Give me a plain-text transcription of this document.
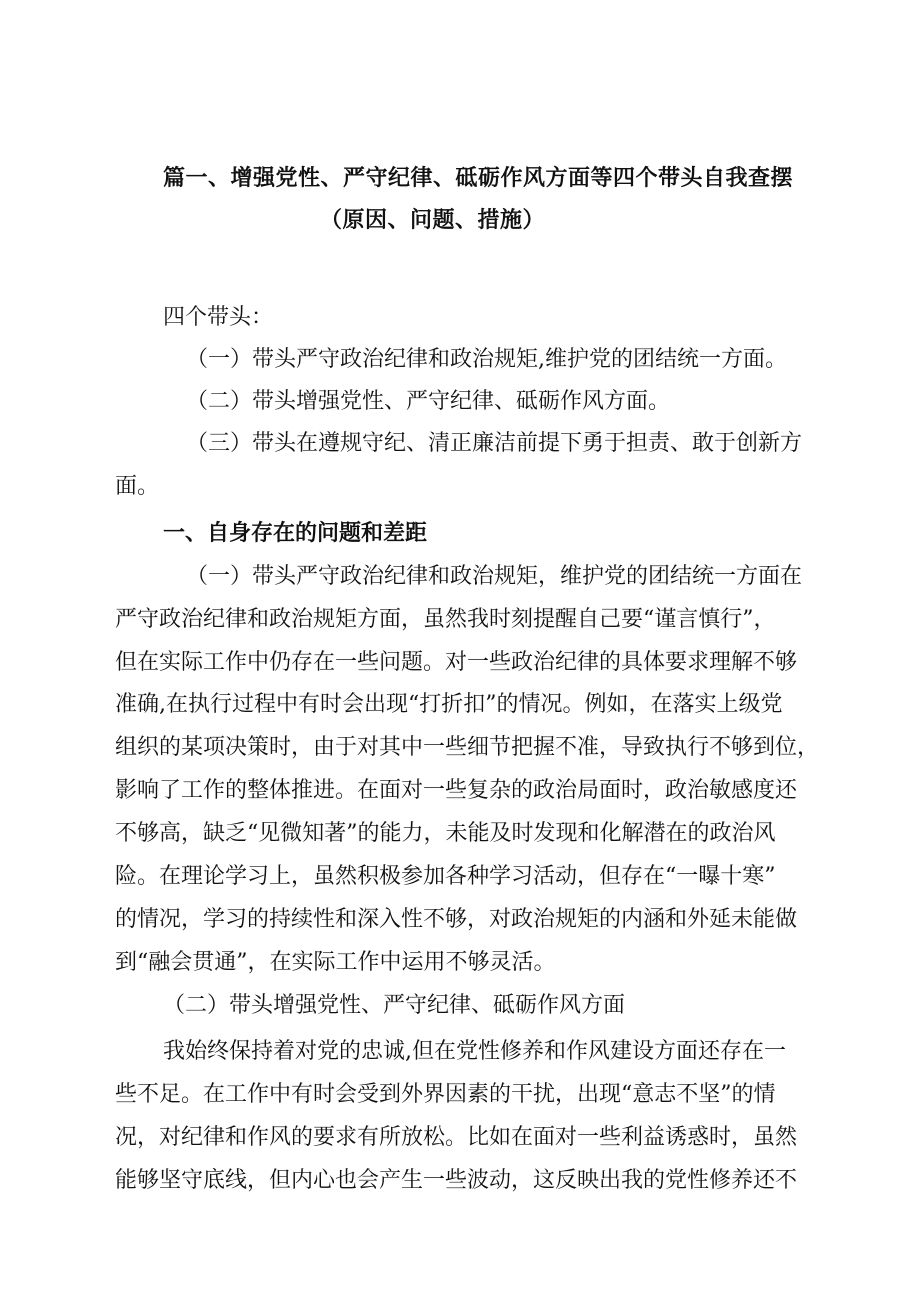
篇一、增强党性、严守纪律、砥砺作风方面等四个带头自我查摆
（原因、问题、措施）
四个带头：
（一）带头严守政治纪律和政治规矩,维护党的团结统一方面。
（二）带头增强党性、严守纪律、砥砺作风方面。
（三）带头在遵规守纪、清正廉洁前提下勇于担责、敢于创新方
面。
一、自身存在的问题和差距
（一）带头严守政治纪律和政治规矩，维护党的团结统一方面在
严守政治纪律和政治规矩方面，虽然我时刻提醒自己要“谨言慎行”，
但在实际工作中仍存在一些问题。对一些政治纪律的具体要求理解不够
准确,在执行过程中有时会出现“打折扣”的情况。例如，在落实上级党
组织的某项决策时，由于对其中一些细节把握不准，导致执行不够到位，
影响了工作的整体推进。在面对一些复杂的政治局面时，政治敏感度还
不够高，缺乏“见微知著”的能力，未能及时发现和化解潜在的政治风
险。在理论学习上，虽然积极参加各种学习活动，但存在“一曝十寒”
的情况，学习的持续性和深入性不够，对政治规矩的内涵和外延未能做
到“融会贯通”，在实际工作中运用不够灵活。
（二）带头增强党性、严守纪律、砥砺作风方面
我始终保持着对党的忠诚,但在党性修养和作风建设方面还存在一
些不足。在工作中有时会受到外界因素的干扰，出现“意志不坚”的情
况，对纪律和作风的要求有所放松。比如在面对一些利益诱惑时，虽然
能够坚守底线，但内心也会产生一些波动，这反映出我的党性修养还不
